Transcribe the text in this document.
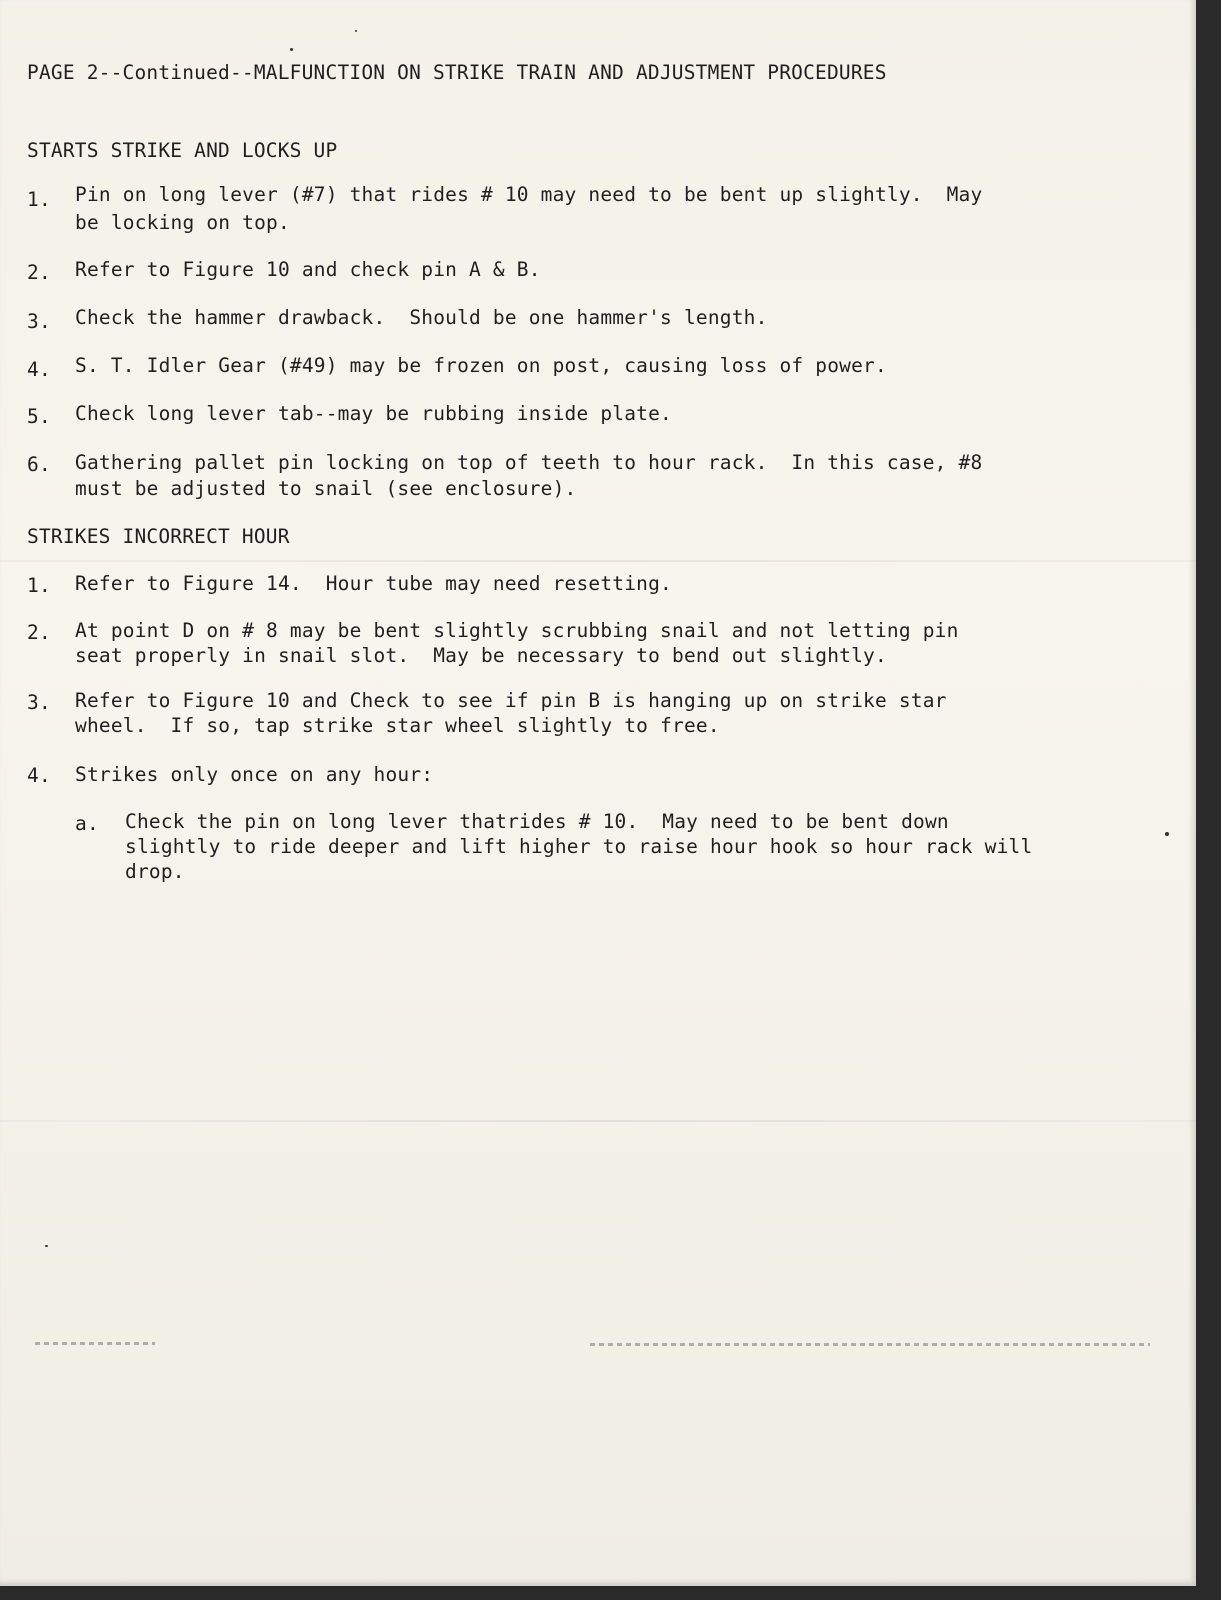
PAGE 2--Continued--MALFUNCTION ON STRIKE TRAIN AND ADJUSTMENT PROCEDURES
STARTS STRIKE AND LOCKS UP
1. Pin on long lever (#7) that rides # 10 may need to be bent up slightly.  May
be locking on top.
2. Refer to Figure 10 and check pin A & B.
3. Check the hammer drawback.  Should be one hammer's length.
4. S. T. Idler Gear (#49) may be frozen on post, causing loss of power.
5. Check long lever tab--may be rubbing inside plate.
6. Gathering pallet pin locking on top of teeth to hour rack.  In this case, #8
must be adjusted to snail (see enclosure).
STRIKES INCORRECT HOUR
1. Refer to Figure 14.  Hour tube may need resetting.
2. At point D on # 8 may be bent slightly scrubbing snail and not letting pin
seat properly in snail slot.  May be necessary to bend out slightly.
3. Refer to Figure 10 and Check to see if pin B is hanging up on strike star
wheel.  If so, tap strike star wheel slightly to free.
4. Strikes only once on any hour:
a. Check the pin on long lever thatrides # 10.  May need to be bent down
slightly to ride deeper and lift higher to raise hour hook so hour rack will
drop.
